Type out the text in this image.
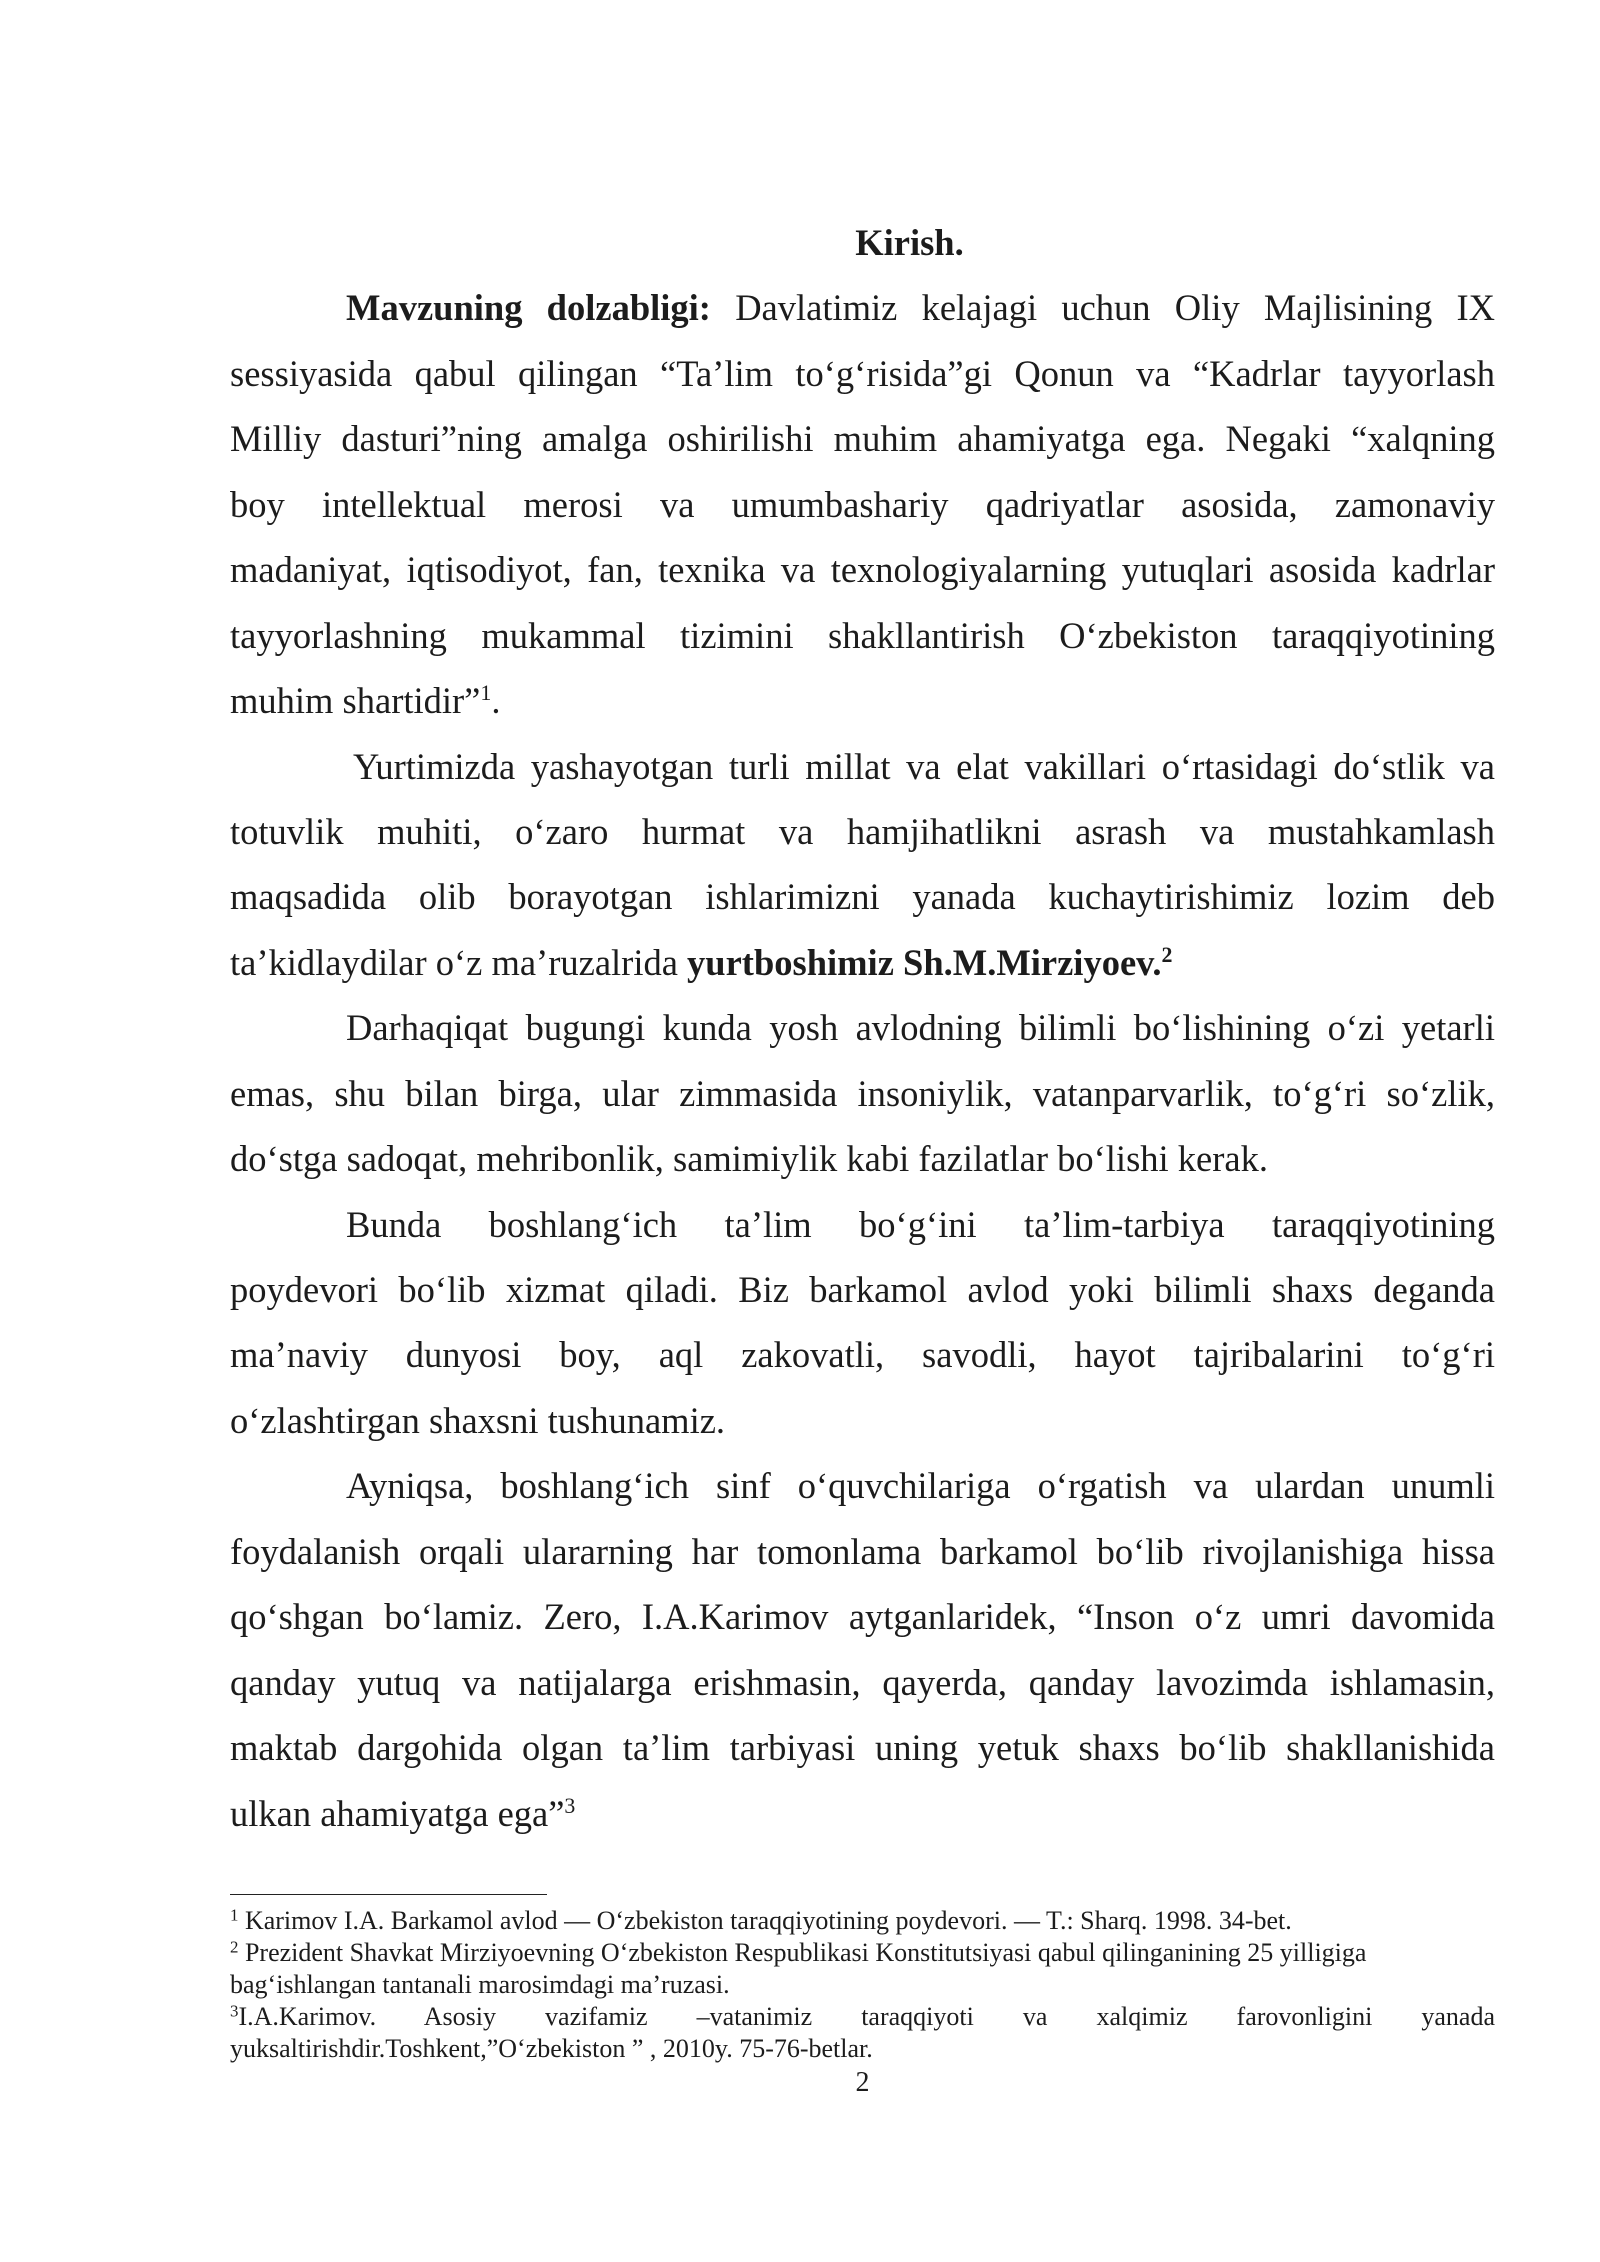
Kirish.
Mavzuning dolzabligi: Davlatimiz kelajagi uchun Oliy Majlisining IX
sessiyasida qabul qilingan “Ta’lim to‘g‘risida”gi Qonun va “Kadrlar tayyorlash
Milliy dasturi”ning amalga oshirilishi muhim ahamiyatga ega. Negaki “xalqning
boy intellektual merosi va umumbashariy qadriyatlar asosida, zamonaviy
madaniyat, iqtisodiyot, fan, texnika va texnologiyalarning yutuqlari asosida kadrlar
tayyorlashning mukammal tizimini shakllantirish O‘zbekiston taraqqiyotining
muhim shartidir”$^1$.
Yurtimizda yashayotgan turli millat va elat vakillari o‘rtasidagi do‘stlik va
totuvlik muhiti, o‘zaro hurmat va hamjihatlikni asrash va mustahkamlash
maqsadida olib borayotgan ishlarimizni yanada kuchaytirishimiz lozim deb
ta’kidlaydilar o‘z ma’ruzalrida yurtboshimiz Sh.M.Mirziyoev.$^2$
Darhaqiqat bugungi kunda yosh avlodning bilimli bo‘lishining o‘zi yetarli
emas, shu bilan birga, ular zimmasida insoniylik, vatanparvarlik, to‘g‘ri so‘zlik,
do‘stga sadoqat, mehribonlik, samimiylik kabi fazilatlar bo‘lishi kerak.
Bunda boshlang‘ich ta’lim bo‘g‘ini ta’lim-tarbiya taraqqiyotining
poydevori bo‘lib xizmat qiladi. Biz barkamol avlod yoki bilimli shaxs deganda
ma’naviy dunyosi boy, aql zakovatli, savodli, hayot tajribalarini to‘g‘ri
o‘zlashtirgan shaxsni tushunamiz.
Ayniqsa, boshlang‘ich sinf o‘quvchilariga o‘rgatish va ulardan unumli
foydalanish orqali ulararning har tomonlama barkamol bo‘lib rivojlanishiga hissa
qo‘shgan bo‘lamiz. Zero, I.A.Karimov aytganlaridek, “Inson o‘z umri davomida
qanday yutuq va natijalarga erishmasin, qayerda, qanday lavozimda ishlamasin,
maktab dargohida olgan ta’lim tarbiyasi uning yetuk shaxs bo‘lib shakllanishida
ulkan ahamiyatga ega”$^3$
$^1$ Karimov I.A. Barkamol avlod — O‘zbekiston taraqqiyotining poydevori. — T.: Sharq. 1998. 34-bet.
$^2$ Prezident Shavkat Mirziyoevning O‘zbekiston Respublikasi Konstitutsiyasi qabul qilinganining 25 yilligiga
bag‘ishlangan tantanali marosimdagi ma’ruzasi.
$^3$I.A.Karimov. Asosiy vazifamiz –vatanimiz taraqqiyoti va xalqimiz farovonligini yanada
yuksaltirishdir.Toshkent,”O‘zbekiston ” , 2010y. 75-76-betlar.
2
